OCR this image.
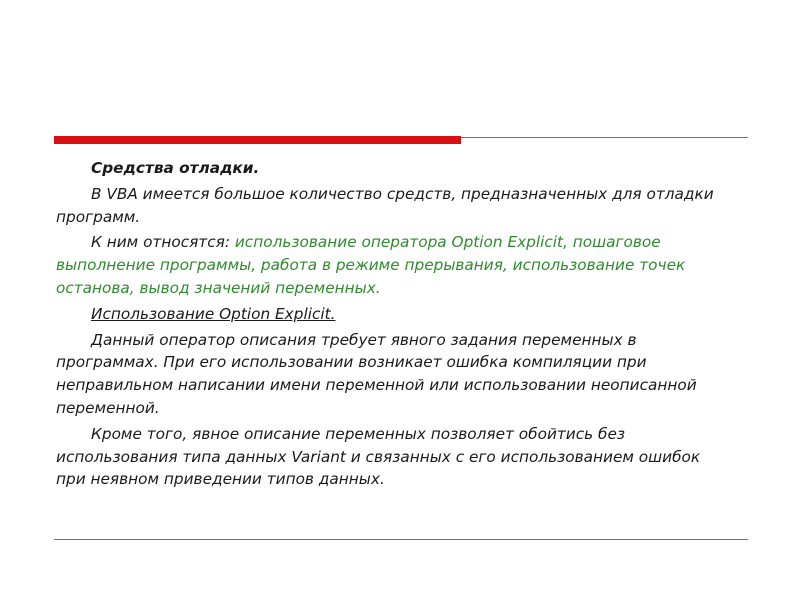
Средства отладки.

В VBA имеется большое количество средств, предназначенных для отладки программ.

К ним относятся: использование оператора Option Explicit, пошаговое выполнение программы, работа в режиме прерывания, использование точек останова, вывод значений переменных.

Использование Option Explicit.

Данный оператор описания требует явного задания переменных в программах. При его использовании возникает ошибка компиляции при неправильном написании имени переменной или использовании неописанной переменной.

Кроме того, явное описание переменных позволяет обойтись без использования типа данных Variant и связанных с его использованием ошибок при неявном приведении типов данных.
